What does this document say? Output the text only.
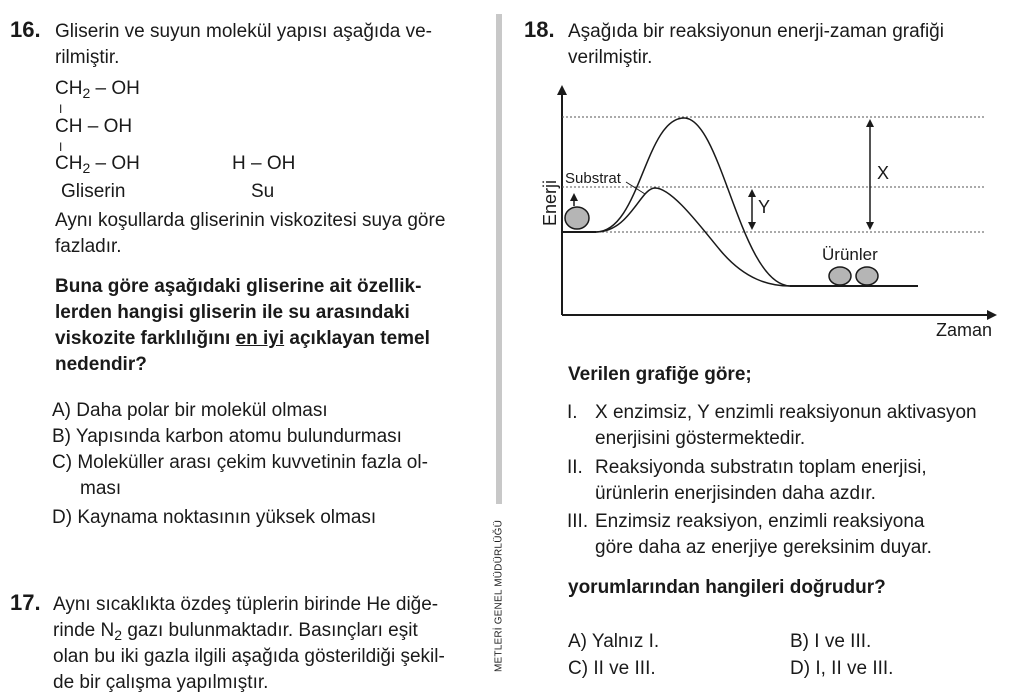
16. Gliserin ve suyun molekül yapısı aşağıda ve-
rilmiştir.
$CH_2$ – OH
I
CH – OH
I
$CH_2$ – OH	H – OH
Gliserin	Su
Aynı koşullarda gliserinin viskozitesi suya göre
fazladır.
Buna göre aşağıdaki gliserine ait özellik-
lerden hangisi gliserin ile su arasındaki
viskozite farklılığını en iyi açıklayan temel
nedendir?
A) Daha polar bir molekül olması
B) Yapısında karbon atomu bulundurması
C) Moleküller arası çekim kuvvetinin fazla ol-
ması
D) Kaynama noktasının yüksek olması
17. Aynı sıcaklıkta özdeş tüplerin birinde He diğe-
rinde $N_2$ gazı bulunmaktadır. Basınçları eşit
olan bu iki gazla ilgili aşağıda gösterildiği şekil-
de bir çalışma yapılmıştır.
METLERİ GENEL MÜDÜRLÜĞÜ
18. Aşağıda bir reaksiyonun enerji-zaman grafiği
verilmiştir.
Enerji
Zaman
Substrat
Ürünler
X
Y
Verilen grafiğe göre;
I. X enzimsiz, Y enzimli reaksiyonun aktivasyon
enerjisini göstermektedir.
II. Reaksiyonda substratın toplam enerjisi,
ürünlerin enerjisinden daha azdır.
III. Enzimsiz reaksiyon, enzimli reaksiyona
göre daha az enerjiye gereksinim duyar.
yorumlarından hangileri doğrudur?
A) Yalnız I.	B) I ve III.
C) II ve III.	D) I, II ve III.
